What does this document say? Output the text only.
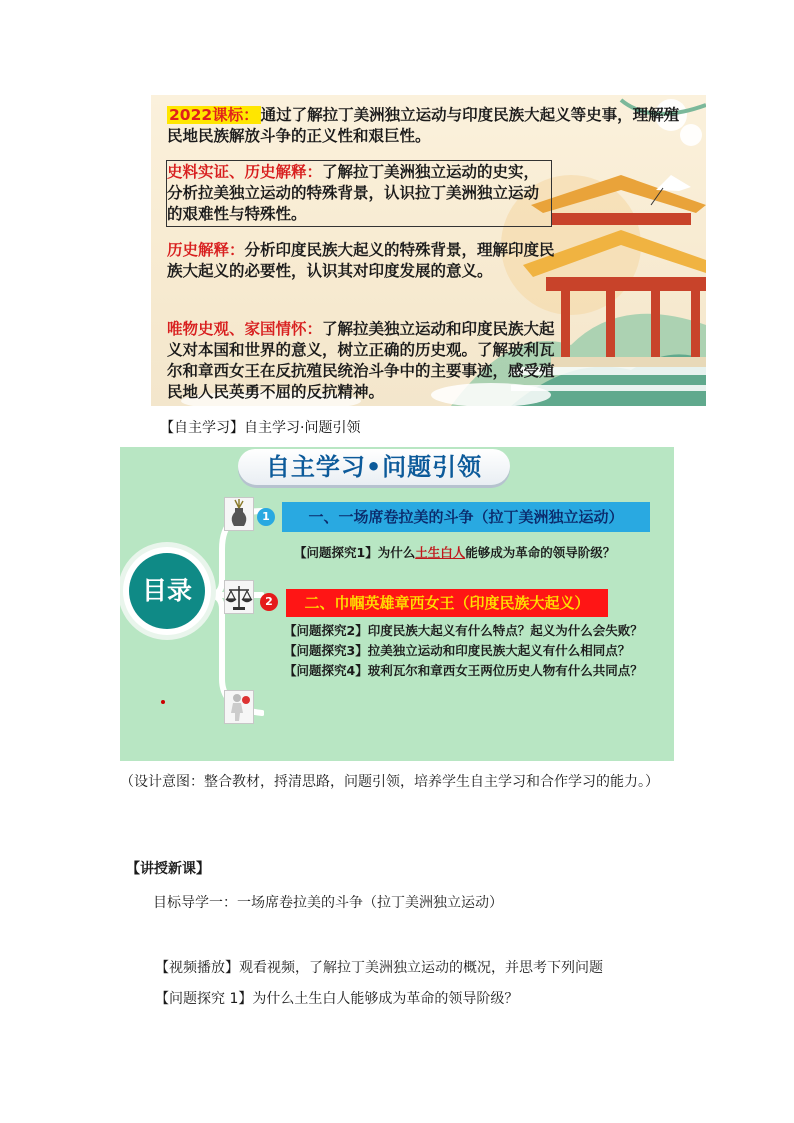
2022课标： 通过了解拉丁美洲独立运动与印度民族大起义等史事，理解殖民地民族解放斗争的正义性和艰巨性。
史料实证、历史解释：了解拉丁美洲独立运动的史实，分析拉美独立运动的特殊背景，认识拉丁美洲独立运动的艰难性与特殊性。
历史解释：分析印度民族大起义的特殊背景，理解印度民族大起义的必要性，认识其对印度发展的意义。
唯物史观、家国情怀：了解拉美独立运动和印度民族大起义对本国和世界的意义，树立正确的历史观。了解玻利瓦尔和章西女王在反抗殖民统治斗争中的主要事迹，感受殖民地人民英勇不屈的反抗精神。
【自主学习】自主学习·问题引领
自主学习•问题引领
目录
1
2
一、一场席卷拉美的斗争（拉丁美洲独立运动）
【问题探究1】为什么土生白人能够成为革命的领导阶级？
二、巾帼英雄章西女王（印度民族大起义）
【问题探究2】印度民族大起义有什么特点？起义为什么会失败？
【问题探究3】拉美独立运动和印度民族大起义有什么相同点？
【问题探究4】玻利瓦尔和章西女王两位历史人物有什么共同点？
（设计意图：整合教材，捋清思路，问题引领，培养学生自主学习和合作学习的能力。）
【讲授新课】
目标导学一：一场席卷拉美的斗争（拉丁美洲独立运动）
【视频播放】观看视频，了解拉丁美洲独立运动的概况，并思考下列问题
【问题探究 1】为什么土生白人能够成为革命的领导阶级？
